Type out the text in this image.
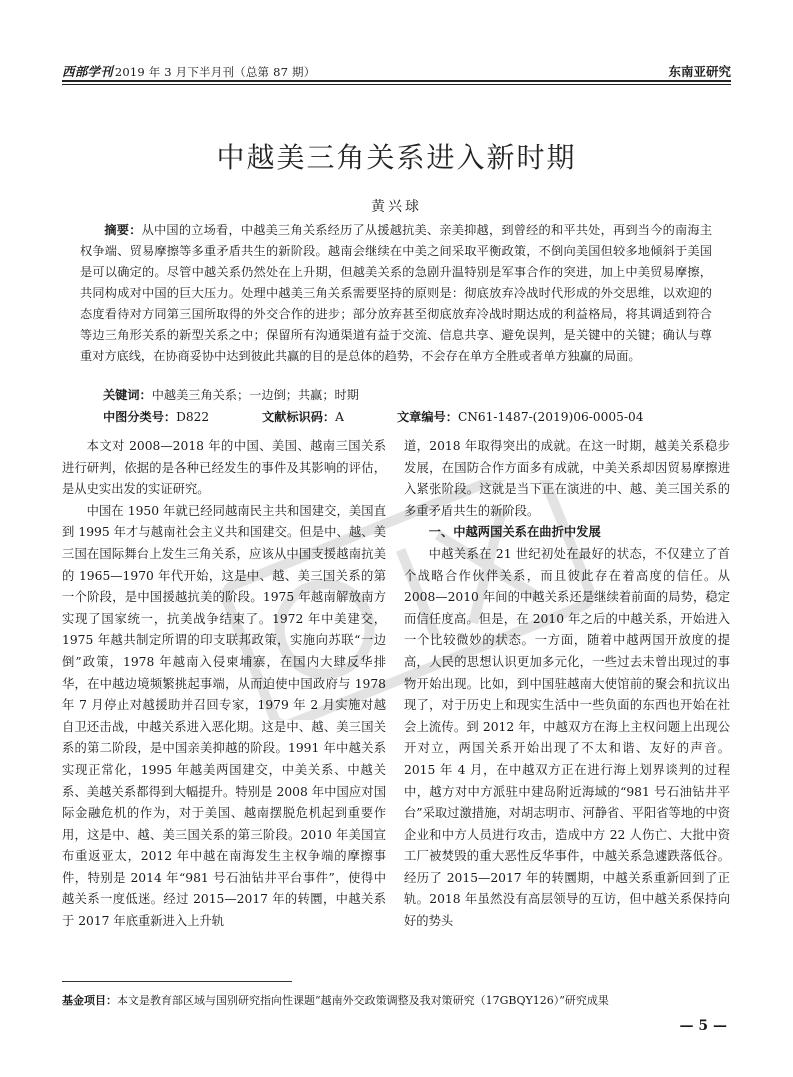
西部学刊 2019 年 3 月下半月刊（总第 87 期）	东南亚研究
中越美三角关系进入新时期
黄兴球
摘要：从中国的立场看，中越美三角关系经历了从援越抗美、亲美抑越，到曾经的和平共处，再到当今的南海主权争端、贸易摩擦等多重矛盾共生的新阶段。越南会继续在中美之间采取平衡政策，不倒向美国但较多地倾斜于美国是可以确定的。尽管中越关系仍然处在上升期，但越美关系的急剧升温特别是军事合作的突进，加上中美贸易摩擦，共同构成对中国的巨大压力。处理中越美三角关系需要坚持的原则是：彻底放弃冷战时代形成的外交思维，以欢迎的态度看待对方同第三国所取得的外交合作的进步；部分放弃甚至彻底放弃冷战时期达成的利益格局，将其调适到符合等边三角形关系的新型关系之中；保留所有沟通渠道有益于交流、信息共享、避免误判，是关键中的关键；确认与尊重对方底线，在协商妥协中达到彼此共赢的目的是总体的趋势，不会存在单方全胜或者单方独赢的局面。
关键词：中越美三角关系；一边倒；共赢；时期
中图分类号：D822	文献标识码：A	文章编号：CN61-1487-(2019)06-0005-04

本文对 2008—2018 年的中国、美国、越南三国关系进行研判，依据的是各种已经发生的事件及其影响的评估，是从史实出发的实证研究。

中国在 1950 年就已经同越南民主共和国建交，美国直到 1995 年才与越南社会主义共和国建交。但是中、越、美三国在国际舞台上发生三角关系，应该从中国支援越南抗美的 1965—1970 年代开始，这是中、越、美三国关系的第一个阶段，是中国援越抗美的阶段。1975 年越南解放南方实现了国家统一，抗美战争结束了。1972 年中美建交，1975 年越共制定所谓的印支联邦政策，实施向苏联“一边倒”政策，1978 年越南入侵柬埔寨，在国内大肆反华排华，在中越边境频繁挑起事端，从而迫使中国政府与 1978 年 7 月停止对越援助并召回专家，1979 年 2 月实施对越自卫还击战，中越关系进入恶化期。这是中、越、美三国关系的第二阶段，是中国亲美抑越的阶段。1991 年中越关系实现正常化，1995 年越美两国建交，中美关系、中越关系、美越关系都得到大幅提升。特别是 2008 年中国应对国际金融危机的作为，对于美国、越南摆脱危机起到重要作用，这是中、越、美三国关系的第三阶段。2010 年美国宣布重返亚太，2012 年中越在南海发生主权争端的摩擦事件，特别是 2014 年“981 号石油钻井平台事件”，使得中越关系一度低迷。经过 2015—2017 年的转圜，中越关系于 2017 年底重新进入上升轨

道，2018 年取得突出的成就。在这一时期，越美关系稳步发展，在国防合作方面多有成就，中美关系却因贸易摩擦进入紧张阶段。这就是当下正在演进的中、越、美三国关系的多重矛盾共生的新阶段。

一、中越两国关系在曲折中发展

中越关系在 21 世纪初处在最好的状态，不仅建立了首个战略合作伙伴关系，而且彼此存在着高度的信任。从 2008—2010 年间的中越关系还是继续着前面的局势，稳定而信任度高。但是，在 2010 年之后的中越关系，开始进入一个比较微妙的状态。一方面，随着中越两国开放度的提高，人民的思想认识更加多元化，一些过去未曾出现过的事物开始出现。比如，到中国驻越南大使馆前的聚会和抗议出现了，对于历史上和现实生活中一些负面的东西也开始在社会上流传。到 2012 年，中越双方在海上主权问题上出现公开对立，两国关系开始出现了不太和谐、友好的声音。2015 年 4 月，在中越双方正在进行海上划界谈判的过程中，越方对中方派驻中建岛附近海域的“981 号石油钻井平台”采取过激措施，对胡志明市、河静省、平阳省等地的中资企业和中方人员进行攻击，造成中方 22 人伤亡、大批中资工厂被焚毁的重大恶性反华事件，中越关系急遽跌落低谷。经历了 2015—2017 年的转圜期，中越关系重新回到了正轨。2018 年虽然没有高层领导的互访，但中越关系保持向好的势头

基金项目：本文是教育部区域与国别研究指向性课题“越南外交政策调整及我对策研究（17GBQY126）”研究成果
— 5 —
